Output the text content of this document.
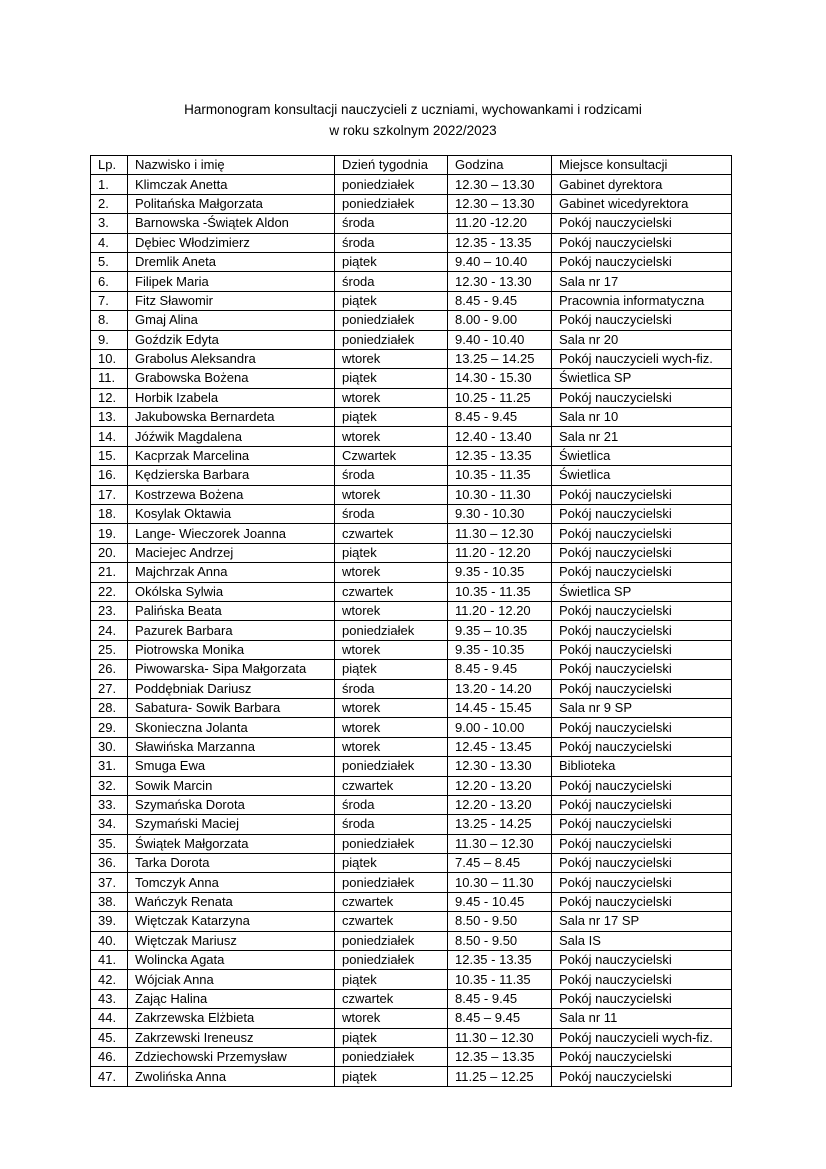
Harmonogram konsultacji nauczycieli z uczniami, wychowankami i rodzicami
w roku szkolnym 2022/2023
Lp.	Nazwisko i imię	Dzień tygodnia	Godzina	Miejsce konsultacji
1.	Klimczak Anetta	poniedziałek	12.30 – 13.30	Gabinet dyrektora
2.	Politańska Małgorzata	poniedziałek	12.30 – 13.30	Gabinet wicedyrektora
3.	Barnowska -Świątek Aldon	środa	11.20 -12.20	Pokój nauczycielski
4.	Dębiec Włodzimierz	środa	12.35 - 13.35	Pokój nauczycielski
5.	Dremlik Aneta	piątek	9.40 – 10.40	Pokój nauczycielski
6.	Filipek Maria	środa	12.30 - 13.30	Sala nr 17
7.	Fitz Sławomir	piątek	8.45 - 9.45	Pracownia informatyczna
8.	Gmaj Alina	poniedziałek	8.00 - 9.00	Pokój nauczycielski
9.	Goździk Edyta	poniedziałek	9.40 - 10.40	Sala nr 20
10.	Grabolus Aleksandra	wtorek	13.25 – 14.25	Pokój nauczycieli wych-fiz.
11.	Grabowska Bożena	piątek	14.30 - 15.30	Świetlica SP
12.	Horbik Izabela	wtorek	10.25 - 11.25	Pokój nauczycielski
13.	Jakubowska Bernardeta	piątek	8.45 - 9.45	Sala nr 10
14.	Jóźwik Magdalena	wtorek	12.40 - 13.40	Sala nr 21
15.	Kacprzak Marcelina	Czwartek	12.35 - 13.35	Świetlica
16.	Kędzierska Barbara	środa	10.35 - 11.35	Świetlica
17.	Kostrzewa Bożena	wtorek	10.30 - 11.30	Pokój nauczycielski
18.	Kosylak Oktawia	środa	9.30 - 10.30	Pokój nauczycielski
19.	Lange- Wieczorek Joanna	czwartek	11.30 – 12.30	Pokój nauczycielski
20.	Maciejec Andrzej	piątek	11.20 - 12.20	Pokój nauczycielski
21.	Majchrzak Anna	wtorek	9.35 - 10.35	Pokój nauczycielski
22.	Okólska Sylwia	czwartek	10.35 - 11.35	Świetlica SP
23.	Palińska Beata	wtorek	11.20 - 12.20	Pokój nauczycielski
24.	Pazurek Barbara	poniedziałek	9.35 – 10.35	Pokój nauczycielski
25.	Piotrowska Monika	wtorek	9.35 - 10.35	Pokój nauczycielski
26.	Piwowarska- Sipa Małgorzata	piątek	8.45 - 9.45	Pokój nauczycielski
27.	Poddębniak Dariusz	środa	13.20 - 14.20	Pokój nauczycielski
28.	Sabatura- Sowik Barbara	wtorek	14.45 - 15.45	Sala nr 9 SP
29.	Skonieczna Jolanta	wtorek	9.00 - 10.00	Pokój nauczycielski
30.	Sławińska Marzanna	wtorek	12.45 - 13.45	Pokój nauczycielski
31.	Smuga Ewa	poniedziałek	12.30 - 13.30	Biblioteka
32.	Sowik Marcin	czwartek	12.20 - 13.20	Pokój nauczycielski
33.	Szymańska Dorota	środa	12.20 - 13.20	Pokój nauczycielski
34.	Szymański Maciej	środa	13.25 - 14.25	Pokój nauczycielski
35.	Świątek Małgorzata	poniedziałek	11.30 – 12.30	Pokój nauczycielski
36.	Tarka Dorota	piątek	7.45 – 8.45	Pokój nauczycielski
37.	Tomczyk Anna	poniedziałek	10.30 – 11.30	Pokój nauczycielski
38.	Wańczyk Renata	czwartek	9.45 - 10.45	Pokój nauczycielski
39.	Więtczak Katarzyna	czwartek	8.50 - 9.50	Sala nr 17 SP
40.	Więtczak Mariusz	poniedziałek	8.50 - 9.50	Sala IS
41.	Wolincka Agata	poniedziałek	12.35 - 13.35	Pokój nauczycielski
42.	Wójciak Anna	piątek	10.35 - 11.35	Pokój nauczycielski
43.	Zając Halina	czwartek	8.45 - 9.45	Pokój nauczycielski
44.	Zakrzewska Elżbieta	wtorek	8.45 – 9.45	Sala nr 11
45.	Zakrzewski Ireneusz	piątek	11.30 – 12.30	Pokój nauczycieli wych-fiz.
46.	Zdziechowski Przemysław	poniedziałek	12.35 – 13.35	Pokój nauczycielski
47.	Zwolińska Anna	piątek	11.25 – 12.25	Pokój nauczycielski
